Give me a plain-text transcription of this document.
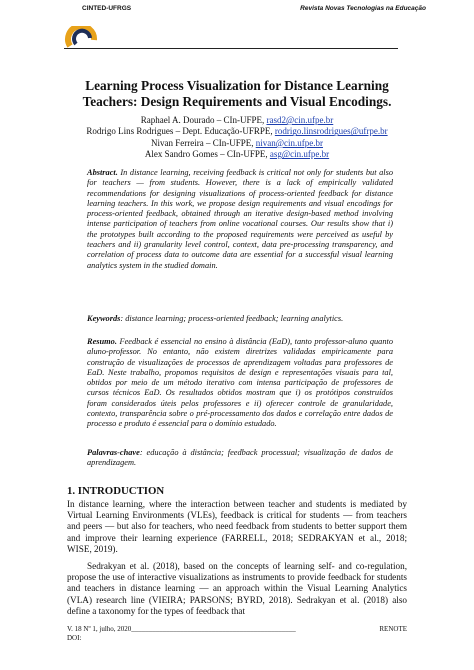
CINTED-UFRGS	Revista Novas Tecnologias na Educação
Learning Process Visualization for Distance Learning
Teachers: Design Requirements and Visual Encodings.
Raphael A. Dourado – CIn-UFPE, rasd2@cin.ufpe.br
Rodrigo Lins Rodrigues – Dept. Educação-UFRPE, rodrigo.linsrodrigues@ufrpe.br
Nivan Ferreira – CIn-UFPE, nivan@cin.ufpe.br
Alex Sandro Gomes – CIn-UFPE, asg@cin.ufpe.br
Abstract. In distance learning, receiving feedback is critical not only for students but also for teachers — from students. However, there is a lack of empirically validated recommendations for designing visualizations of process-oriented feedback for distance learning teachers. In this work, we propose design requirements and visual encodings for process-oriented feedback, obtained through an iterative design-based method involving intense participation of teachers from online vocational courses. Our results show that i) the prototypes built according to the proposed requirements were perceived as useful by teachers and ii) granularity level control, context, data pre-processing transparency, and correlation of process data to outcome data are essential for a successful visual learning analytics system in the studied domain.
Keywords: distance learning; process-oriented feedback; learning analytics.
Resumo. Feedback é essencial no ensino à distância (EaD), tanto professor-aluno quanto aluno-professor. No entanto, não existem diretrizes validadas empiricamente para construção de visualizações de processos de aprendizagem voltadas para professores de EaD. Neste trabalho, propomos requisitos de design e representações visuais para tal, obtidos por meio de um método iterativo com intensa participação de professores de cursos técnicos EaD. Os resultados obtidos mostram que i) os protótipos construídos foram considerados úteis pelos professores e ii) oferecer controle de granularidade, contexto, transparência sobre o pré-processamento dos dados e correlação entre dados de processo e produto é essencial para o domínio estudado.
Palavras-chave: educação à distância; feedback processual; visualização de dados de aprendizagem.
1. INTRODUCTION
In distance learning, where the interaction between teacher and students is mediated by Virtual Learning Environments (VLEs), feedback is critical for students — from teachers and peers — but also for teachers, who need feedback from students to better support them and improve their learning experience (FARRELL, 2018; SEDRAKYAN et al., 2018; WISE, 2019).
Sedrakyan et al. (2018), based on the concepts of learning self- and co-regulation, propose the use of interactive visualizations as instruments to provide feedback for students and teachers in distance learning — an approach within the Visual Learning Analytics (VLA) research line (VIEIRA; PARSONS; BYRD, 2018). Sedrakyan et al. (2018) also define a taxonomy for the types of feedback that
V. 18 Nº 1, julho, 2020_______________________________________________	RENOTE
DOI:
